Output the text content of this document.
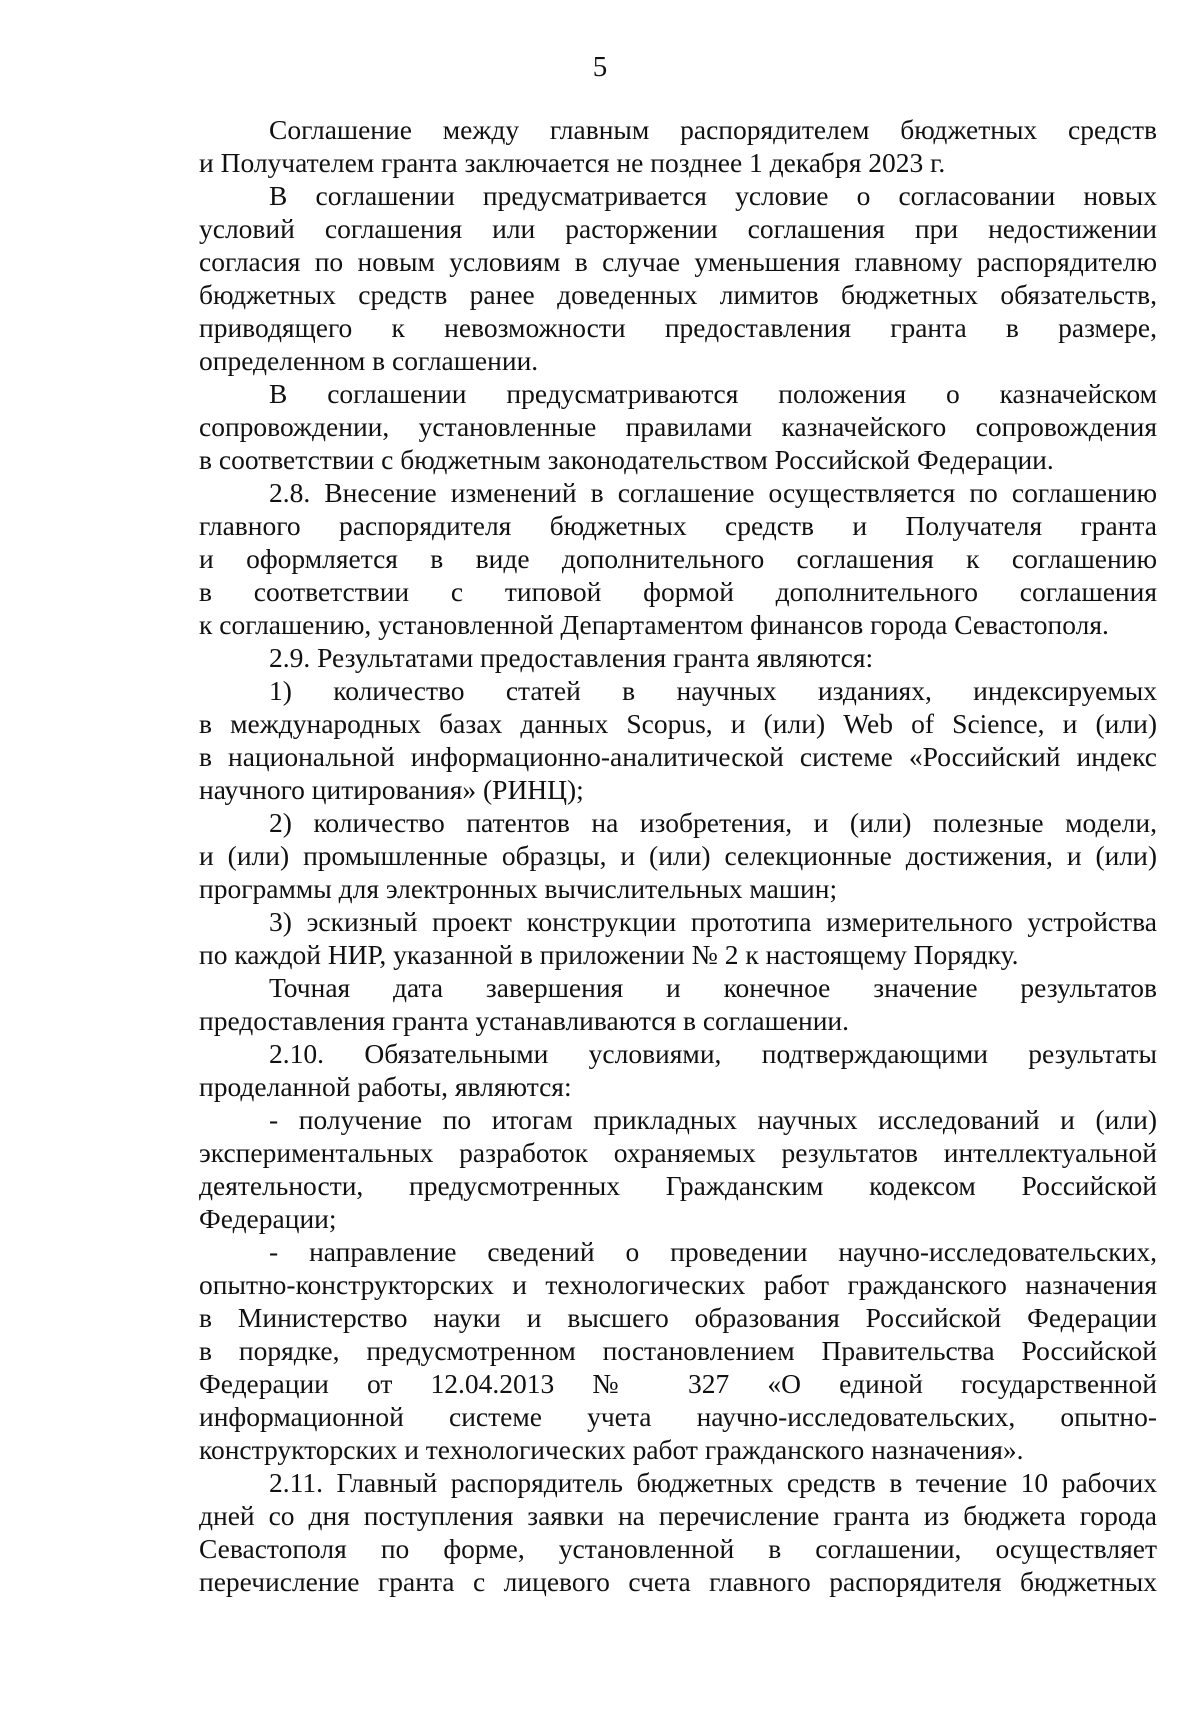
5
Соглашение между главным распорядителем бюджетных средств
и Получателем гранта заключается не позднее 1 декабря 2023 г.
В соглашении предусматривается условие о согласовании новых
условий соглашения или расторжении соглашения при недостижении
согласия по новым условиям в случае уменьшения главному распорядителю
бюджетных средств ранее доведенных лимитов бюджетных обязательств,
приводящего к невозможности предоставления гранта в размере,
определенном в соглашении.
В соглашении предусматриваются положения о казначейском
сопровождении, установленные правилами казначейского сопровождения
в соответствии с бюджетным законодательством Российской Федерации.
2.8. Внесение изменений в соглашение осуществляется по соглашению
главного распорядителя бюджетных средств и Получателя гранта
и оформляется в виде дополнительного соглашения к соглашению
в соответствии с типовой формой дополнительного соглашения
к соглашению, установленной Департаментом финансов города Севастополя.
2.9. Результатами предоставления гранта являются:
1) количество статей в научных изданиях, индексируемых
в международных базах данных Scopus, и (или) Web of Science, и (или)
в национальной информационно-аналитической системе «Российский индекс
научного цитирования» (РИНЦ);
2) количество патентов на изобретения, и (или) полезные модели,
и (или) промышленные образцы, и (или) селекционные достижения, и (или)
программы для электронных вычислительных машин;
3) эскизный проект конструкции прототипа измерительного устройства
по каждой НИР, указанной в приложении № 2 к настоящему Порядку.
Точная дата завершения и конечное значение результатов
предоставления гранта устанавливаются в соглашении.
2.10. Обязательными условиями, подтверждающими результаты
проделанной работы, являются:
- получение по итогам прикладных научных исследований и (или)
экспериментальных разработок охраняемых результатов интеллектуальной
деятельности, предусмотренных Гражданским кодексом Российской
Федерации;
- направление сведений о проведении научно-исследовательских,
опытно-конструкторских и технологических работ гражданского назначения
в Министерство науки и высшего образования Российской Федерации
в порядке, предусмотренном постановлением Правительства Российской
Федерации от 12.04.2013 № 327 «О единой государственной
информационной системе учета научно-исследовательских, опытно-
конструкторских и технологических работ гражданского назначения».
2.11. Главный распорядитель бюджетных средств в течение 10 рабочих
дней со дня поступления заявки на перечисление гранта из бюджета города
Севастополя по форме, установленной в соглашении, осуществляет
перечисление гранта с лицевого счета главного распорядителя бюджетных
